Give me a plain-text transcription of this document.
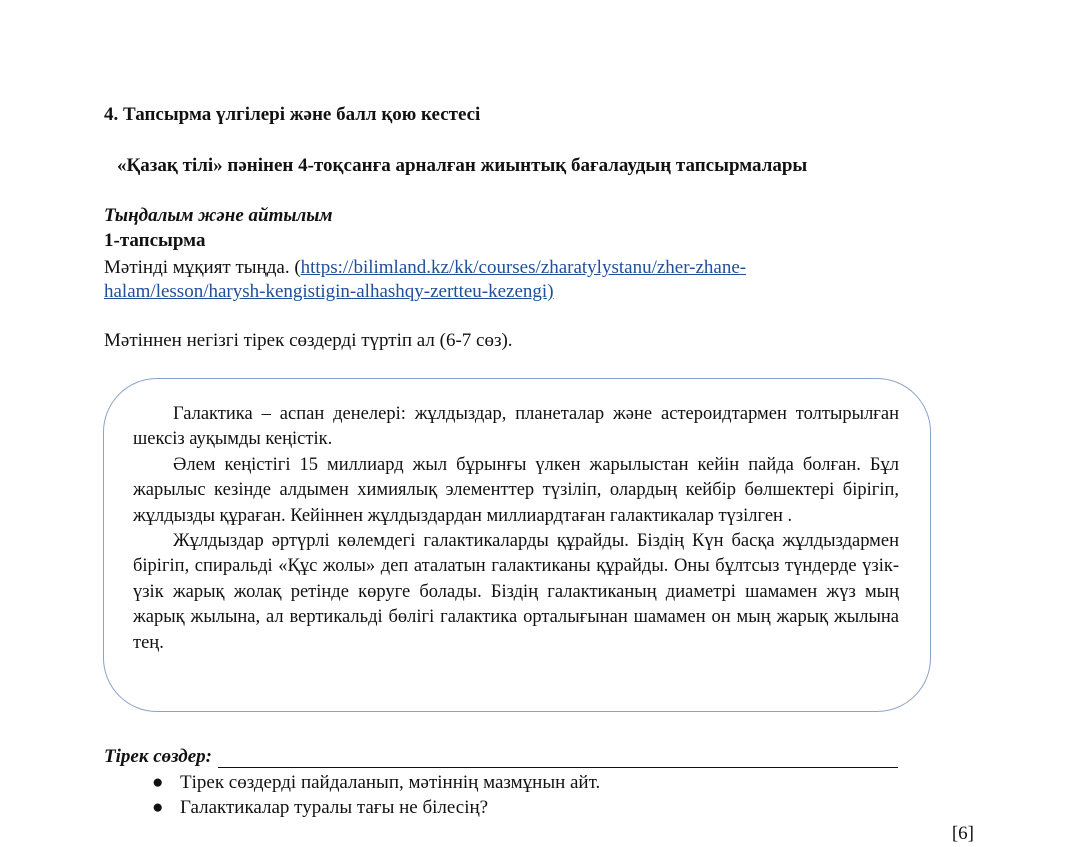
4. Тапсырма үлгілері және балл қою кестесі
«Қазақ тілі» пәнінен 4-тоқсанға арналған жиынтық бағалаудың тапсырмалары
Тыңдалым және айтылым
1-тапсырма
Мәтінді мұқият тыңда. (https://bilimland.kz/kk/courses/zharatylystanu/zher-zhane-
halam/lesson/harysh-kengistigin-alhashqy-zertteu-kezengi)
Мәтіннен негізгі тірек сөздерді түртіп ал (6-7 сөз).

Галактика – аспан денелері: жұлдыздар, планеталар және астероидтармен толтырылған шексіз ауқымды кеңістік.

Әлем кеңістігі 15 миллиард жыл бұрынғы үлкен жарылыстан кейін пайда болған. Бұл жарылыс кезінде алдымен химиялық элементтер түзіліп, олардың кейбір бөлшектері бірігіп, жұлдызды құраған. Кейіннен жұлдыздардан миллиардтаған галактикалар түзілген .

Жұлдыздар әртүрлі көлемдегі галактикаларды құрайды. Біздің Күн басқа жұлдыздармен бірігіп, спиральді «Құс жолы» деп аталатын галактиканы құрайды. Оны бұлтсыз түндерде үзік-үзік жарық жолақ ретінде көруге болады. Біздің галактиканың диаметрі шамамен жүз мың жарық жылына, ал вертикальді бөлігі галактика орталығынан шамамен он мың жарық жылына тең.

Тірек сөздер:
● Тірек сөздерді пайдаланып, мәтіннің мазмұнын айт.
● Галактикалар туралы тағы не білесің?
[6]
